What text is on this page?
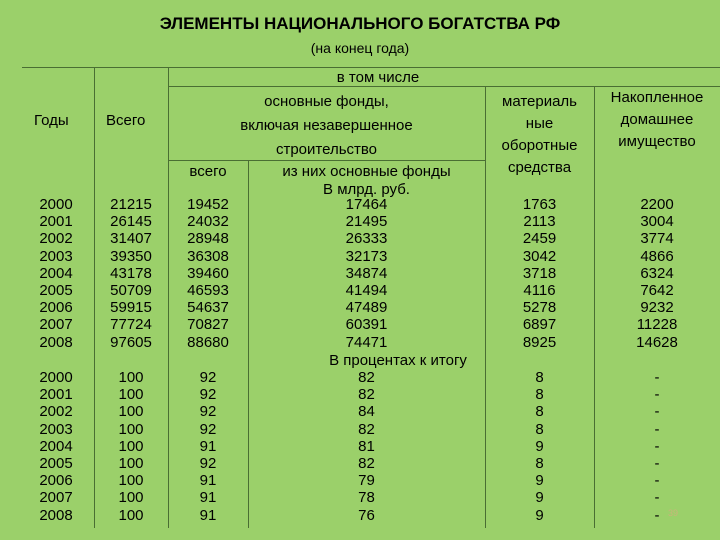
ЭЛЕМЕНТЫ НАЦИОНАЛЬНОГО БОГАТСТВА РФ
(на конец года)
Годы Всего
в том числе
основные фонды,
включая незавершенное
строительство
всего	из них основные фонды
материаль
ные
оборотные
средства
Накопленное
домашнее
имущество
В млрд. руб.
В процентах к итогу
2000
2001
2002
2003
2004
2005
2006
2007
2008
21215
26145
31407
39350
43178
50709
59915
77724
97605
19452
24032
28948
36308
39460
46593
54637
70827
88680
17464
21495
26333
32173
34874
41494
47489
60391
74471
1763
2113
2459
3042
3718
4116
5278
6897
8925
2200
3004
3774
4866
6324
7642
9232
11228
14628
2000
2001
2002
2003
2004
2005
2006
2007
2008
100
100
100
100
100
100
100
100
100
92
92
92
92
91
92
91
91
91
82
82
84
82
81
82
79
78
76
8
8
8
8
9
8
9
9
9
-
-
-
-
-
-
-
-
- 39
